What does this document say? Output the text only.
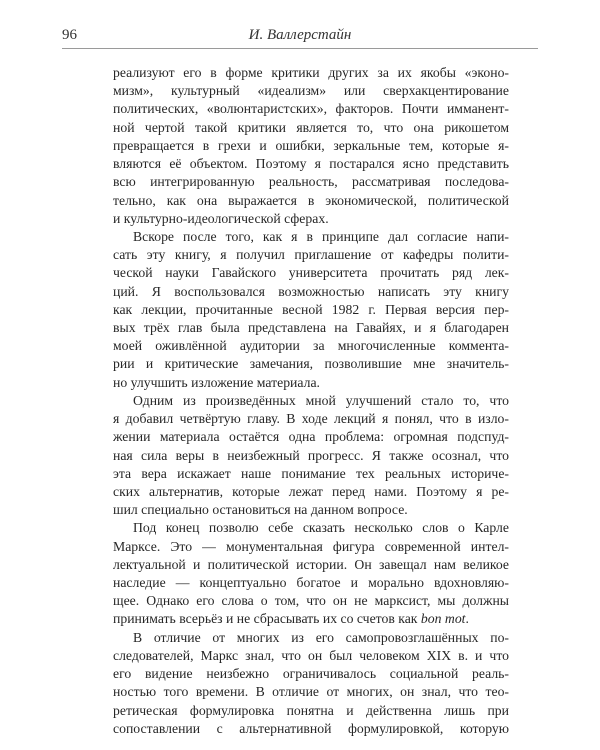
96	И. Валлерстайн
реализуют его в форме критики других за их якобы «эконо-
мизм», культурный «идеализм» или сверхакцентирование
политических, «волюнтаристских», факторов. Почти имманент-
ной чертой такой критики является то, что она рикошетом
превращается в грехи и ошибки, зеркальные тем, которые я-
вляются её объектом. Поэтому я постарался ясно представить
всю интегрированную реальность, рассматривая последова-
тельно, как она выражается в экономической, политической
и культурно-идеологической сферах.
Вскоре после того, как я в принципе дал согласие напи-
сать эту книгу, я получил приглашение от кафедры полити-
ческой науки Гавайского университета прочитать ряд лек-
ций. Я воспользовался возможностью написать эту книгу
как лекции, прочитанные весной 1982 г. Первая версия пер-
вых трёх глав была представлена на Гавайях, и я благодарен
моей оживлённой аудитории за многочисленные коммента-
рии и критические замечания, позволившие мне значитель-
но улучшить изложение материала.
Одним из произведённых мной улучшений стало то, что
я добавил четвёртую главу. В ходе лекций я понял, что в изло-
жении материала остаётся одна проблема: огромная подспуд-
ная сила веры в неизбежный прогресс. Я также осознал, что
эта вера искажает наше понимание тех реальных историче-
ских альтернатив, которые лежат перед нами. Поэтому я ре-
шил специально остановиться на данном вопросе.
Под конец позволю себе сказать несколько слов о Карле
Марксе. Это — монументальная фигура современной интел-
лектуальной и политической истории. Он завещал нам великое
наследие — концептуально богатое и морально вдохновляю-
щее. Однако его слова о том, что он не марксист, мы должны
принимать всерьёз и не сбрасывать их со счетов как bon mot.
В отличие от многих из его самопровозглашённых по-
следователей, Маркс знал, что он был человеком XIX в. и что
его видение неизбежно ограничивалось социальной реаль-
ностью того времени. В отличие от многих, он знал, что тео-
ретическая формулировка понятна и действенна лишь при
сопоставлении с альтернативной формулировкой, которую
